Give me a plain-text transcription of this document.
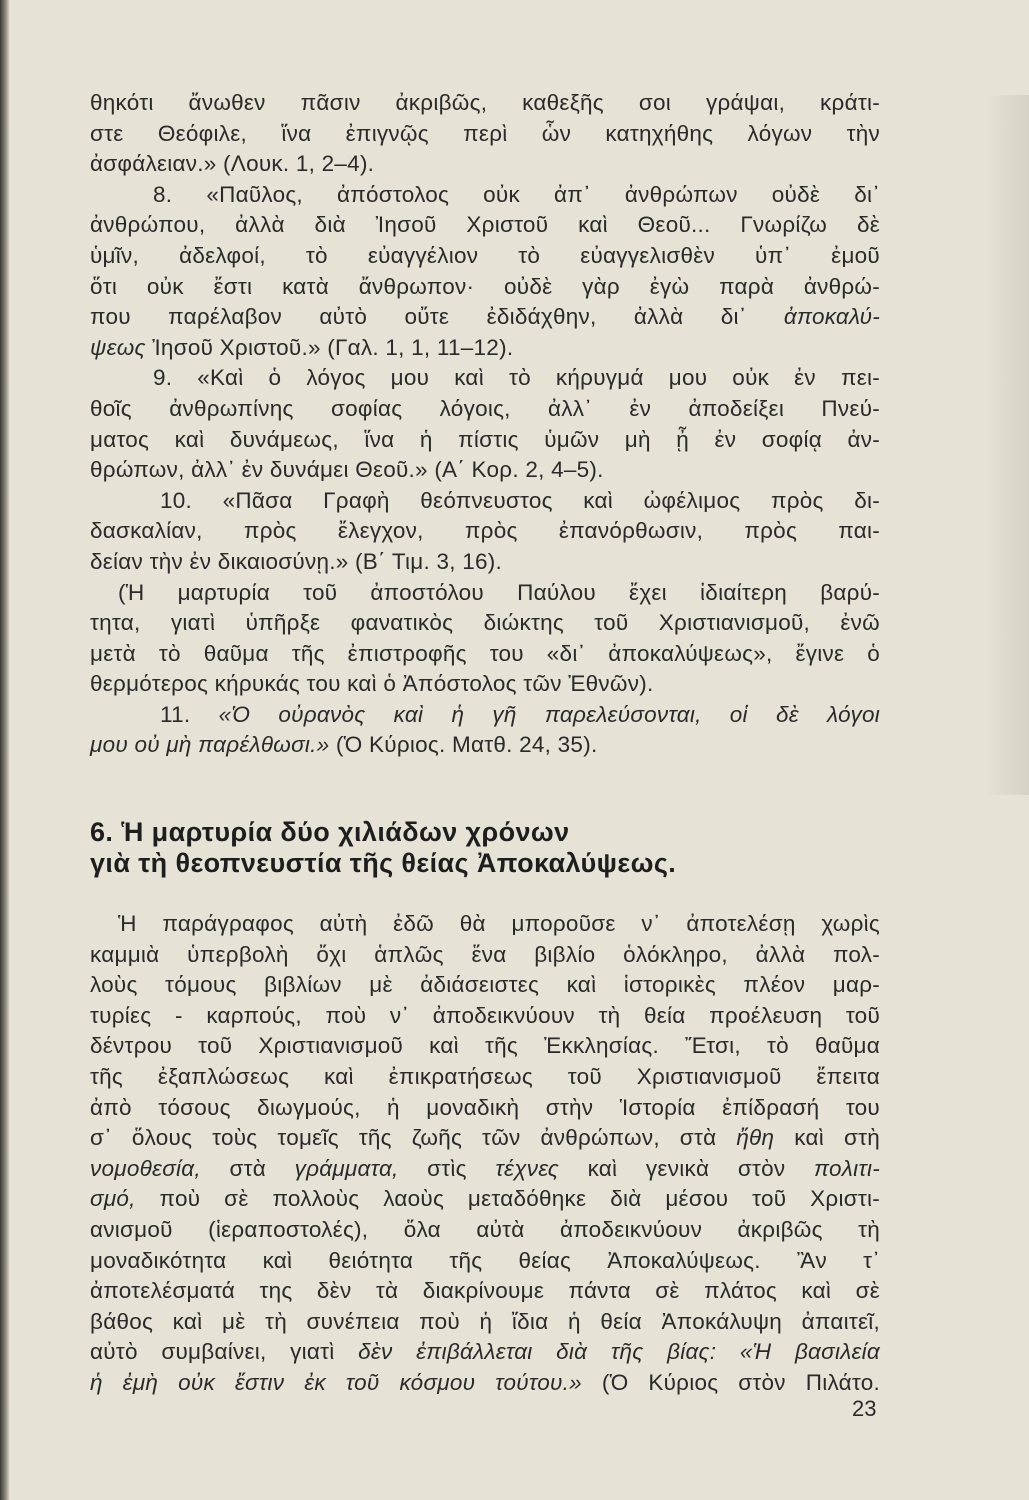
θηκότι ἄνωθεν πᾶσιν ἀκριβῶς, καθεξῆς σοι γράψαι, κράτι-
στε Θεόφιλε, ἵνα ἐπιγνῷς περὶ ὧν κατηχήθης λόγων τὴν
ἀσφάλειαν.» (Λουκ. 1, 2–4).
8. «Παῦλος, ἀπόστολος οὐκ ἀπ᾽ ἀνθρώπων οὐδὲ δι᾽
ἀνθρώπου, ἀλλὰ διὰ Ἰησοῦ Χριστοῦ καὶ Θεοῦ... Γνωρίζω δὲ
ὑμῖν, ἀδελφοί, τὸ εὐαγγέλιον τὸ εὐαγγελισθὲν ὑπ᾽ ἐμοῦ
ὅτι οὐκ ἔστι κατὰ ἄνθρωπον· οὐδὲ γὰρ ἐγὼ παρὰ ἀνθρώ-
που παρέλαβον αὐτὸ οὔτε ἐδιδάχθην, ἀλλὰ δι᾽ ἀποκαλύ-
ψεως Ἰησοῦ Χριστοῦ.» (Γαλ. 1, 1, 11–12).
9. «Καὶ ὁ λόγος μου καὶ τὸ κήρυγμά μου οὐκ ἐν πει-
θοῖς ἀνθρωπίνης σοφίας λόγοις, ἀλλ᾽ ἐν ἀποδείξει Πνεύ-
ματος καὶ δυνάμεως, ἵνα ἡ πίστις ὑμῶν μὴ ᾖ ἐν σοφίᾳ ἀν-
θρώπων, ἀλλ᾽ ἐν δυνάμει Θεοῦ.» (Α΄ Κορ. 2, 4–5).
10. «Πᾶσα Γραφὴ θεόπνευστος καὶ ὠφέλιμος πρὸς δι-
δασκαλίαν, πρὸς ἔλεγχον, πρὸς ἐπανόρθωσιν, πρὸς παι-
δείαν τὴν ἐν δικαιοσύνῃ.» (Β΄ Τιμ. 3, 16).
(Ἡ μαρτυρία τοῦ ἀποστόλου Παύλου ἔχει ἰδιαίτερη βαρύ-
τητα, γιατὶ ὑπῆρξε φανατικὸς διώκτης τοῦ Χριστιανισμοῦ, ἐνῶ
μετὰ τὸ θαῦμα τῆς ἐπιστροφῆς του «δι᾽ ἀποκαλύψεως», ἔγινε ὁ
θερμότερος κήρυκάς του καὶ ὁ Ἀπόστολος τῶν Ἐθνῶν).
11. «Ὁ οὐρανὸς καὶ ἡ γῆ παρελεύσονται, οἱ δὲ λόγοι
μου οὐ μὴ παρέλθωσι.» (Ὁ Κύριος. Ματθ. 24, 35).
6. Ἡ μαρτυρία δύο χιλιάδων χρόνων
γιὰ τὴ θεοπνευστία τῆς θείας Ἀποκαλύψεως.
Ἡ παράγραφος αὐτὴ ἐδῶ θὰ μποροῦσε ν᾽ ἀποτελέσῃ χωρὶς
καμμιὰ ὑπερβολὴ ὄχι ἁπλῶς ἕνα βιβλίο ὁλόκληρο, ἀλλὰ πολ-
λοὺς τόμους βιβλίων μὲ ἀδιάσειστες καὶ ἱστορικὲς πλέον μαρ-
τυρίες - καρπούς, ποὺ ν᾽ ἀποδεικνύουν τὴ θεία προέλευση τοῦ
δέντρου τοῦ Χριστιανισμοῦ καὶ τῆς Ἐκκλησίας. Ἔτσι, τὸ θαῦμα
τῆς ἐξαπλώσεως καὶ ἐπικρατήσεως τοῦ Χριστιανισμοῦ ἔπειτα
ἀπὸ τόσους διωγμούς, ἡ μοναδικὴ στὴν Ἱστορία ἐπίδρασή του
σ᾽ ὅλους τοὺς τομεῖς τῆς ζωῆς τῶν ἀνθρώπων, στὰ ἤθη καὶ στὴ
νομοθεσία, στὰ γράμματα, στὶς τέχνες καὶ γενικὰ στὸν πολιτι-
σμό, ποὺ σὲ πολλοὺς λαοὺς μεταδόθηκε διὰ μέσου τοῦ Χριστι-
ανισμοῦ (ἱεραποστολές), ὅλα αὐτὰ ἀποδεικνύουν ἀκριβῶς τὴ
μοναδικότητα καὶ θειότητα τῆς θείας Ἀποκαλύψεως. Ἂν τ᾽
ἀποτελέσματά της δὲν τὰ διακρίνουμε πάντα σὲ πλάτος καὶ σὲ
βάθος καὶ μὲ τὴ συνέπεια ποὺ ἡ ἴδια ἡ θεία Ἀποκάλυψη ἀπαιτεῖ,
αὐτὸ συμβαίνει, γιατὶ δὲν ἐπιβάλλεται διὰ τῆς βίας: «Ἡ βασιλεία
ἡ ἐμὴ οὐκ ἔστιν ἐκ τοῦ κόσμου τούτου.» (Ὁ Κύριος στὸν Πιλάτο.
23
